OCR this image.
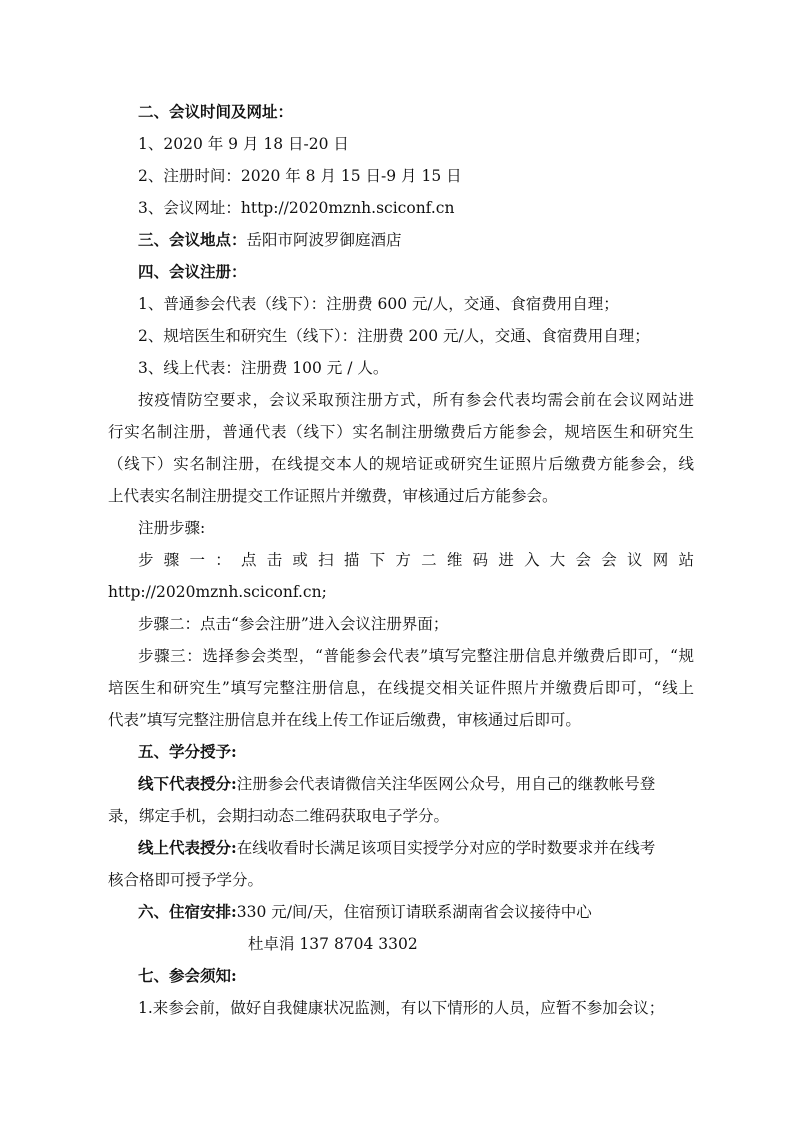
二、会议时间及网址：
1、2020 年 9 月 18 日-20 日
2、注册时间：2020 年 8 月 15 日-9 月 15 日
3、会议网址：http://2020mznh.sciconf.cn
三、会议地点：岳阳市阿波罗御庭酒店
四、会议注册：
1、普通参会代表（线下）：注册费 600 元/人，交通、食宿费用自理；
2、规培医生和研究生（线下）：注册费 200 元/人，交通、食宿费用自理；
3、线上代表：注册费 100 元 / 人。
按疫情防空要求，会议采取预注册方式，所有参会代表均需会前在会议网站进
行实名制注册，普通代表（线下）实名制注册缴费后方能参会，规培医生和研究生
（线下）实名制注册，在线提交本人的规培证或研究生证照片后缴费方能参会，线
上代表实名制注册提交工作证照片并缴费，审核通过后方能参会。
注册步骤:
步 骤 一 ： 点 击 或 扫 描 下 方 二 维 码 进 入 大 会 会 议 网 站
http://2020mznh.sciconf.cn;
步骤二：点击“参会注册”进入会议注册界面；
步骤三：选择参会类型，“普能参会代表”填写完整注册信息并缴费后即可，“规
培医生和研究生”填写完整注册信息，在线提交相关证件照片并缴费后即可，“线上
代表”填写完整注册信息并在线上传工作证后缴费，审核通过后即可。
五、学分授予:
线下代表授分:注册参会代表请微信关注华医网公众号，用自己的继教帐号登
录，绑定手机，会期扫动态二维码获取电子学分。
线上代表授分:在线收看时长满足该项目实授学分对应的学时数要求并在线考
核合格即可授予学分。
六、住宿安排:330 元/间/天，住宿预订请联系湖南省会议接待中心
杜卓涓 137 8704 3302
七、参会须知:
1.来参会前，做好自我健康状况监测，有以下情形的人员，应暂不参加会议；
